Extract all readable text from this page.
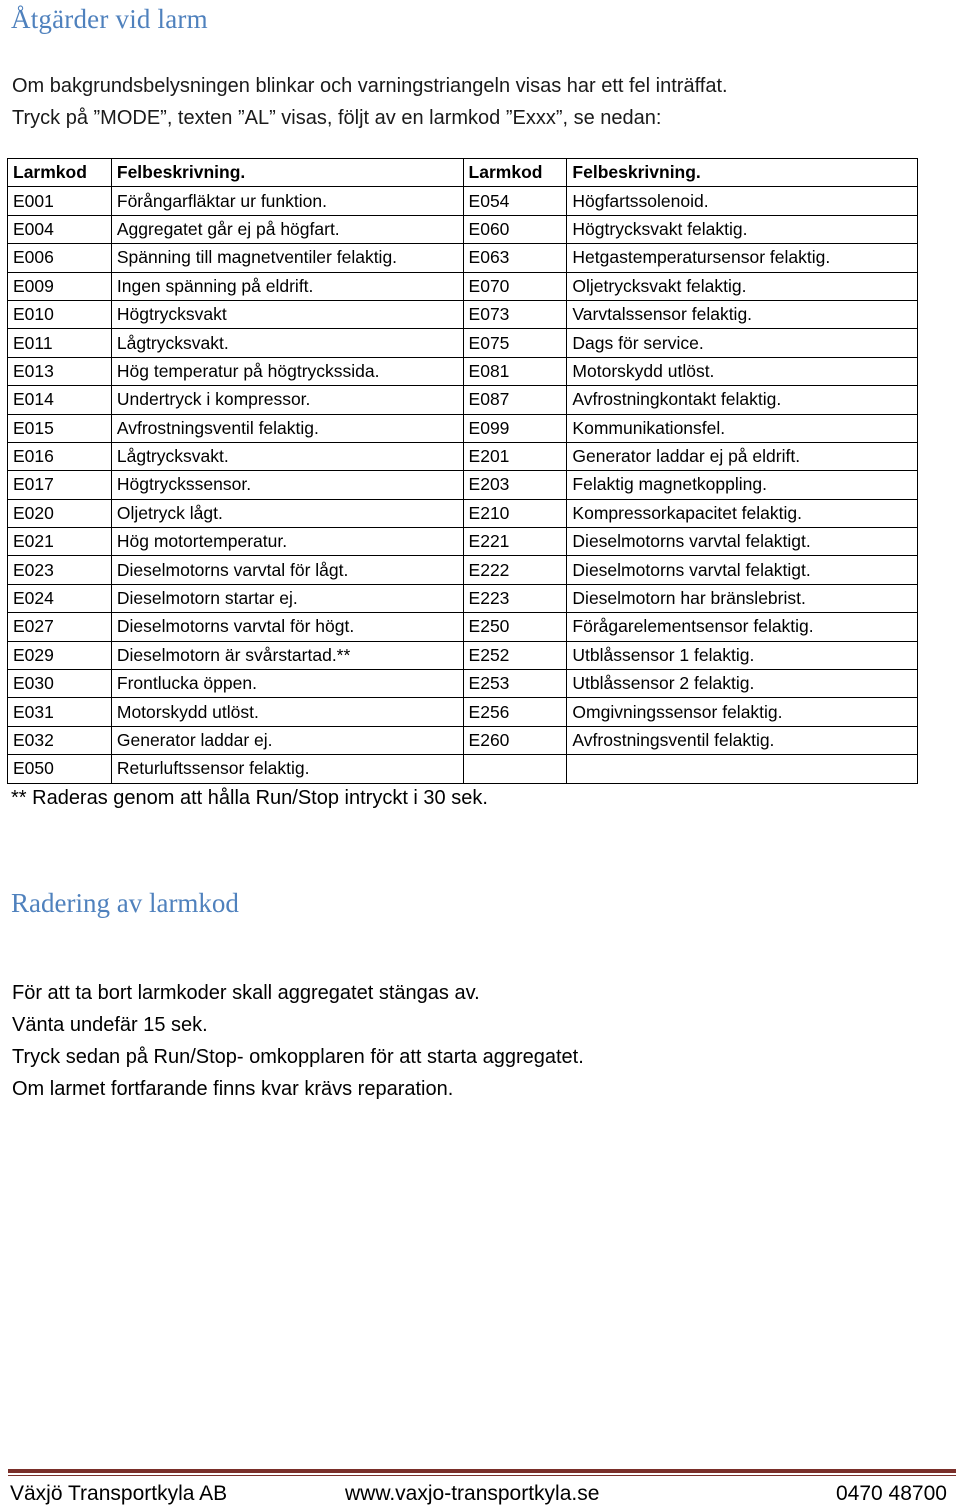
Åtgärder vid larm
Om bakgrundsbelysningen blinkar och varningstriangeln visas har ett fel inträffat.
Tryck på ”MODE”, texten ”AL” visas, följt av en larmkod ”Exxx”, se nedan:
Larmkod	Felbeskrivning.	Larmkod	Felbeskrivning.
E001	Förångarfläktar ur funktion.	E054	Högfartssolenoid.
E004	Aggregatet går ej på högfart.	E060	Högtrycksvakt felaktig.
E006	Spänning till magnetventiler felaktig.	E063	Hetgastemperatursensor felaktig.
E009	Ingen spänning på eldrift.	E070	Oljetrycksvakt felaktig.
E010	Högtrycksvakt	E073	Varvtalssensor felaktig.
E011	Lågtrycksvakt.	E075	Dags för service.
E013	Hög temperatur på högtryckssida.	E081	Motorskydd utlöst.
E014	Undertryck i kompressor.	E087	Avfrostningkontakt felaktig.
E015	Avfrostningsventil felaktig.	E099	Kommunikationsfel.
E016	Lågtrycksvakt.	E201	Generator laddar ej på eldrift.
E017	Högtryckssensor.	E203	Felaktig magnetkoppling.
E020	Oljetryck lågt.	E210	Kompressorkapacitet felaktig.
E021	Hög motortemperatur.	E221	Dieselmotorns varvtal felaktigt.
E023	Dieselmotorns varvtal för lågt.	E222	Dieselmotorns varvtal felaktigt.
E024	Dieselmotorn startar ej.	E223	Dieselmotorn har bränslebrist.
E027	Dieselmotorns varvtal för högt.	E250	Förågarelementsensor felaktig.
E029	Dieselmotorn är svårstartad.**	E252	Utblåssensor 1 felaktig.
E030	Frontlucka öppen.	E253	Utblåssensor 2 felaktig.
E031	Motorskydd utlöst.	E256	Omgivningssensor felaktig.
E032	Generator laddar ej.	E260	Avfrostningsventil felaktig.
E050	Returluftssensor felaktig.		
** Raderas genom att hålla Run/Stop intryckt i 30 sek.
Radering av larmkod
För att ta bort larmkoder skall aggregatet stängas av.
Vänta undefär 15 sek.
Tryck sedan på Run/Stop- omkopplaren för att starta aggregatet.
Om larmet fortfarande finns kvar krävs reparation.
Växjö Transportkyla AB	www.vaxjo-transportkyla.se	0470 48700
